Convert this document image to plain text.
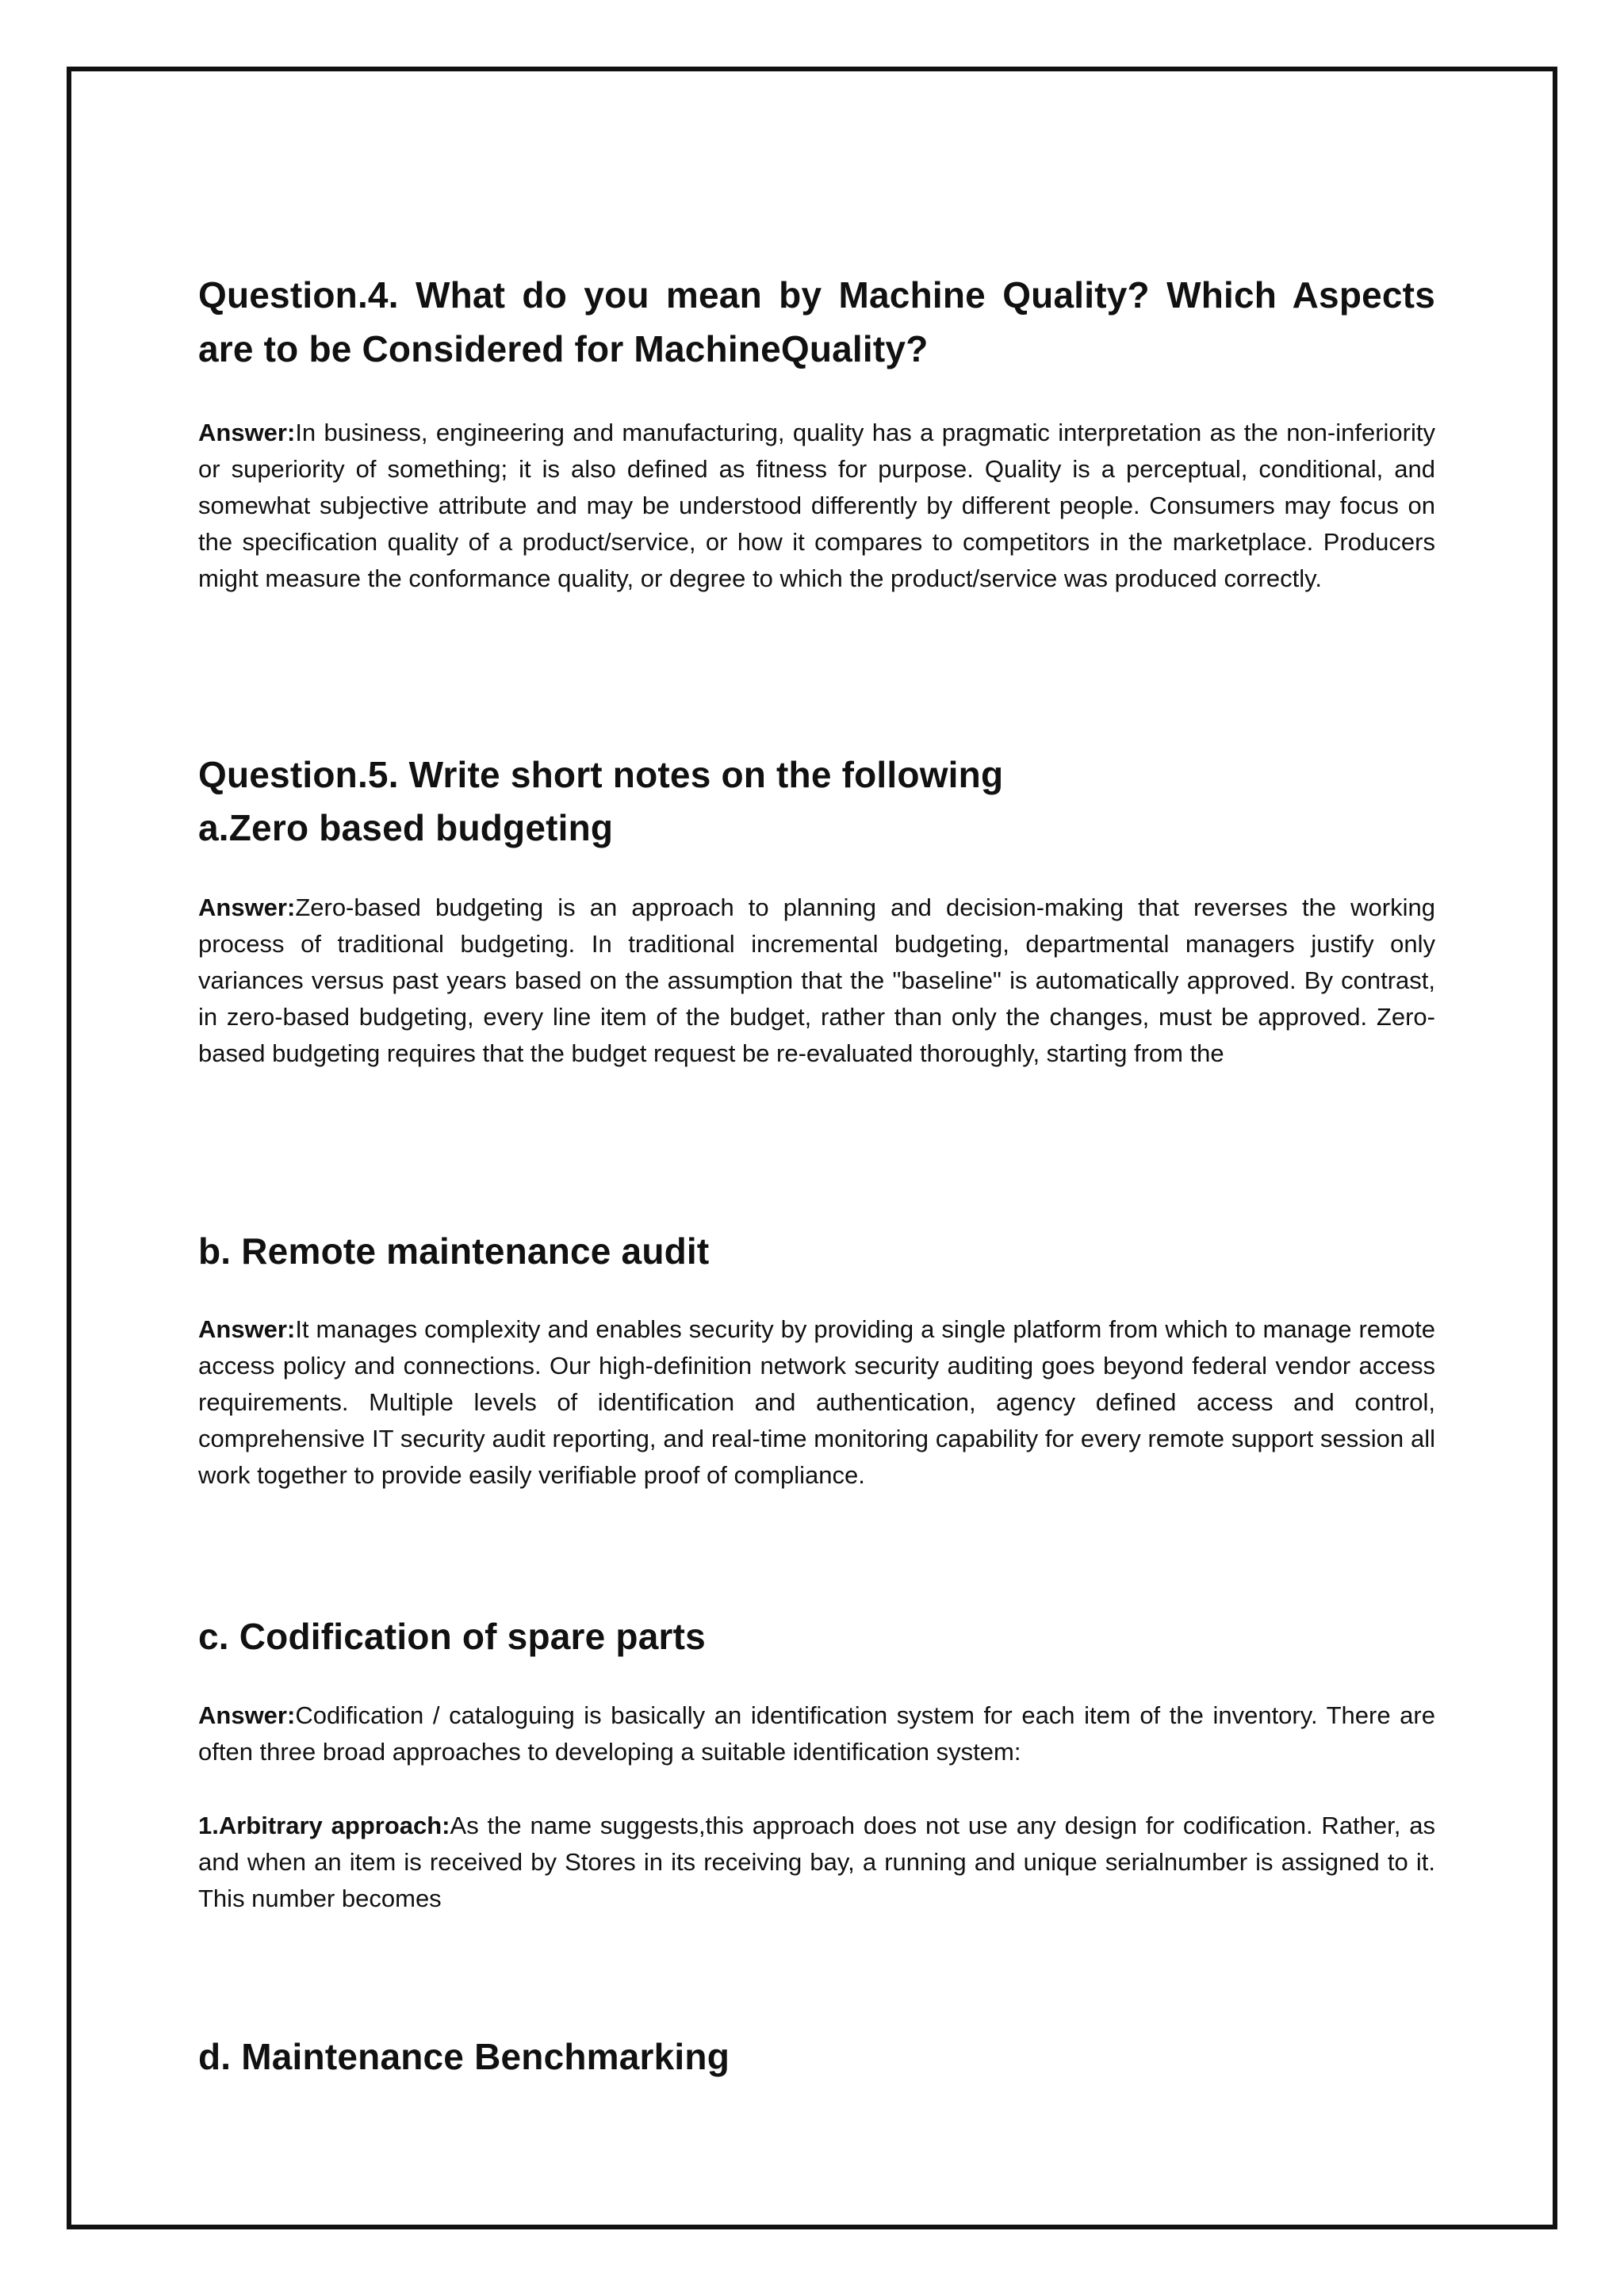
Question.4. What do you mean by Machine Quality? Which Aspects are to be Considered for MachineQuality?

Answer:In business, engineering and manufacturing, quality has a pragmatic interpretation as the non-inferiority or superiority of something; it is also defined as fitness for purpose. Quality is a perceptual, conditional, and somewhat subjective attribute and may be understood differently by different people. Consumers may focus on the specification quality of a product/service, or how it compares to competitors in the marketplace. Producers might measure the conformance quality, or degree to which the product/service was produced correctly.

Question.5. Write short notes on the following
a.Zero based budgeting

Answer:Zero-based budgeting is an approach to planning and decision-making that reverses the working process of traditional budgeting. In traditional incremental budgeting, departmental managers justify only variances versus past years based on the assumption that the "baseline" is automatically approved. By contrast, in zero-based budgeting, every line item of the budget, rather than only the changes, must be approved. Zero-based budgeting requires that the budget request be re-evaluated thoroughly, starting from the

b. Remote maintenance audit

Answer:It manages complexity and enables security by providing a single platform from which to manage remote access policy and connections. Our high-definition network security auditing goes beyond federal vendor access requirements. Multiple levels of identification and authentication, agency defined access and control, comprehensive IT security audit reporting, and real-time monitoring capability for every remote support session all work together to provide easily verifiable proof of compliance.

c. Codification of spare parts

Answer:Codification / cataloguing is basically an identification system for each item of the inventory. There are often three broad approaches to developing a suitable identification system:

1.Arbitrary approach:As the name suggests,this approach does not use any design for codification. Rather, as and when an item is received by Stores in its receiving bay, a running and unique serialnumber is assigned to it. This number becomes

d. Maintenance Benchmarking
